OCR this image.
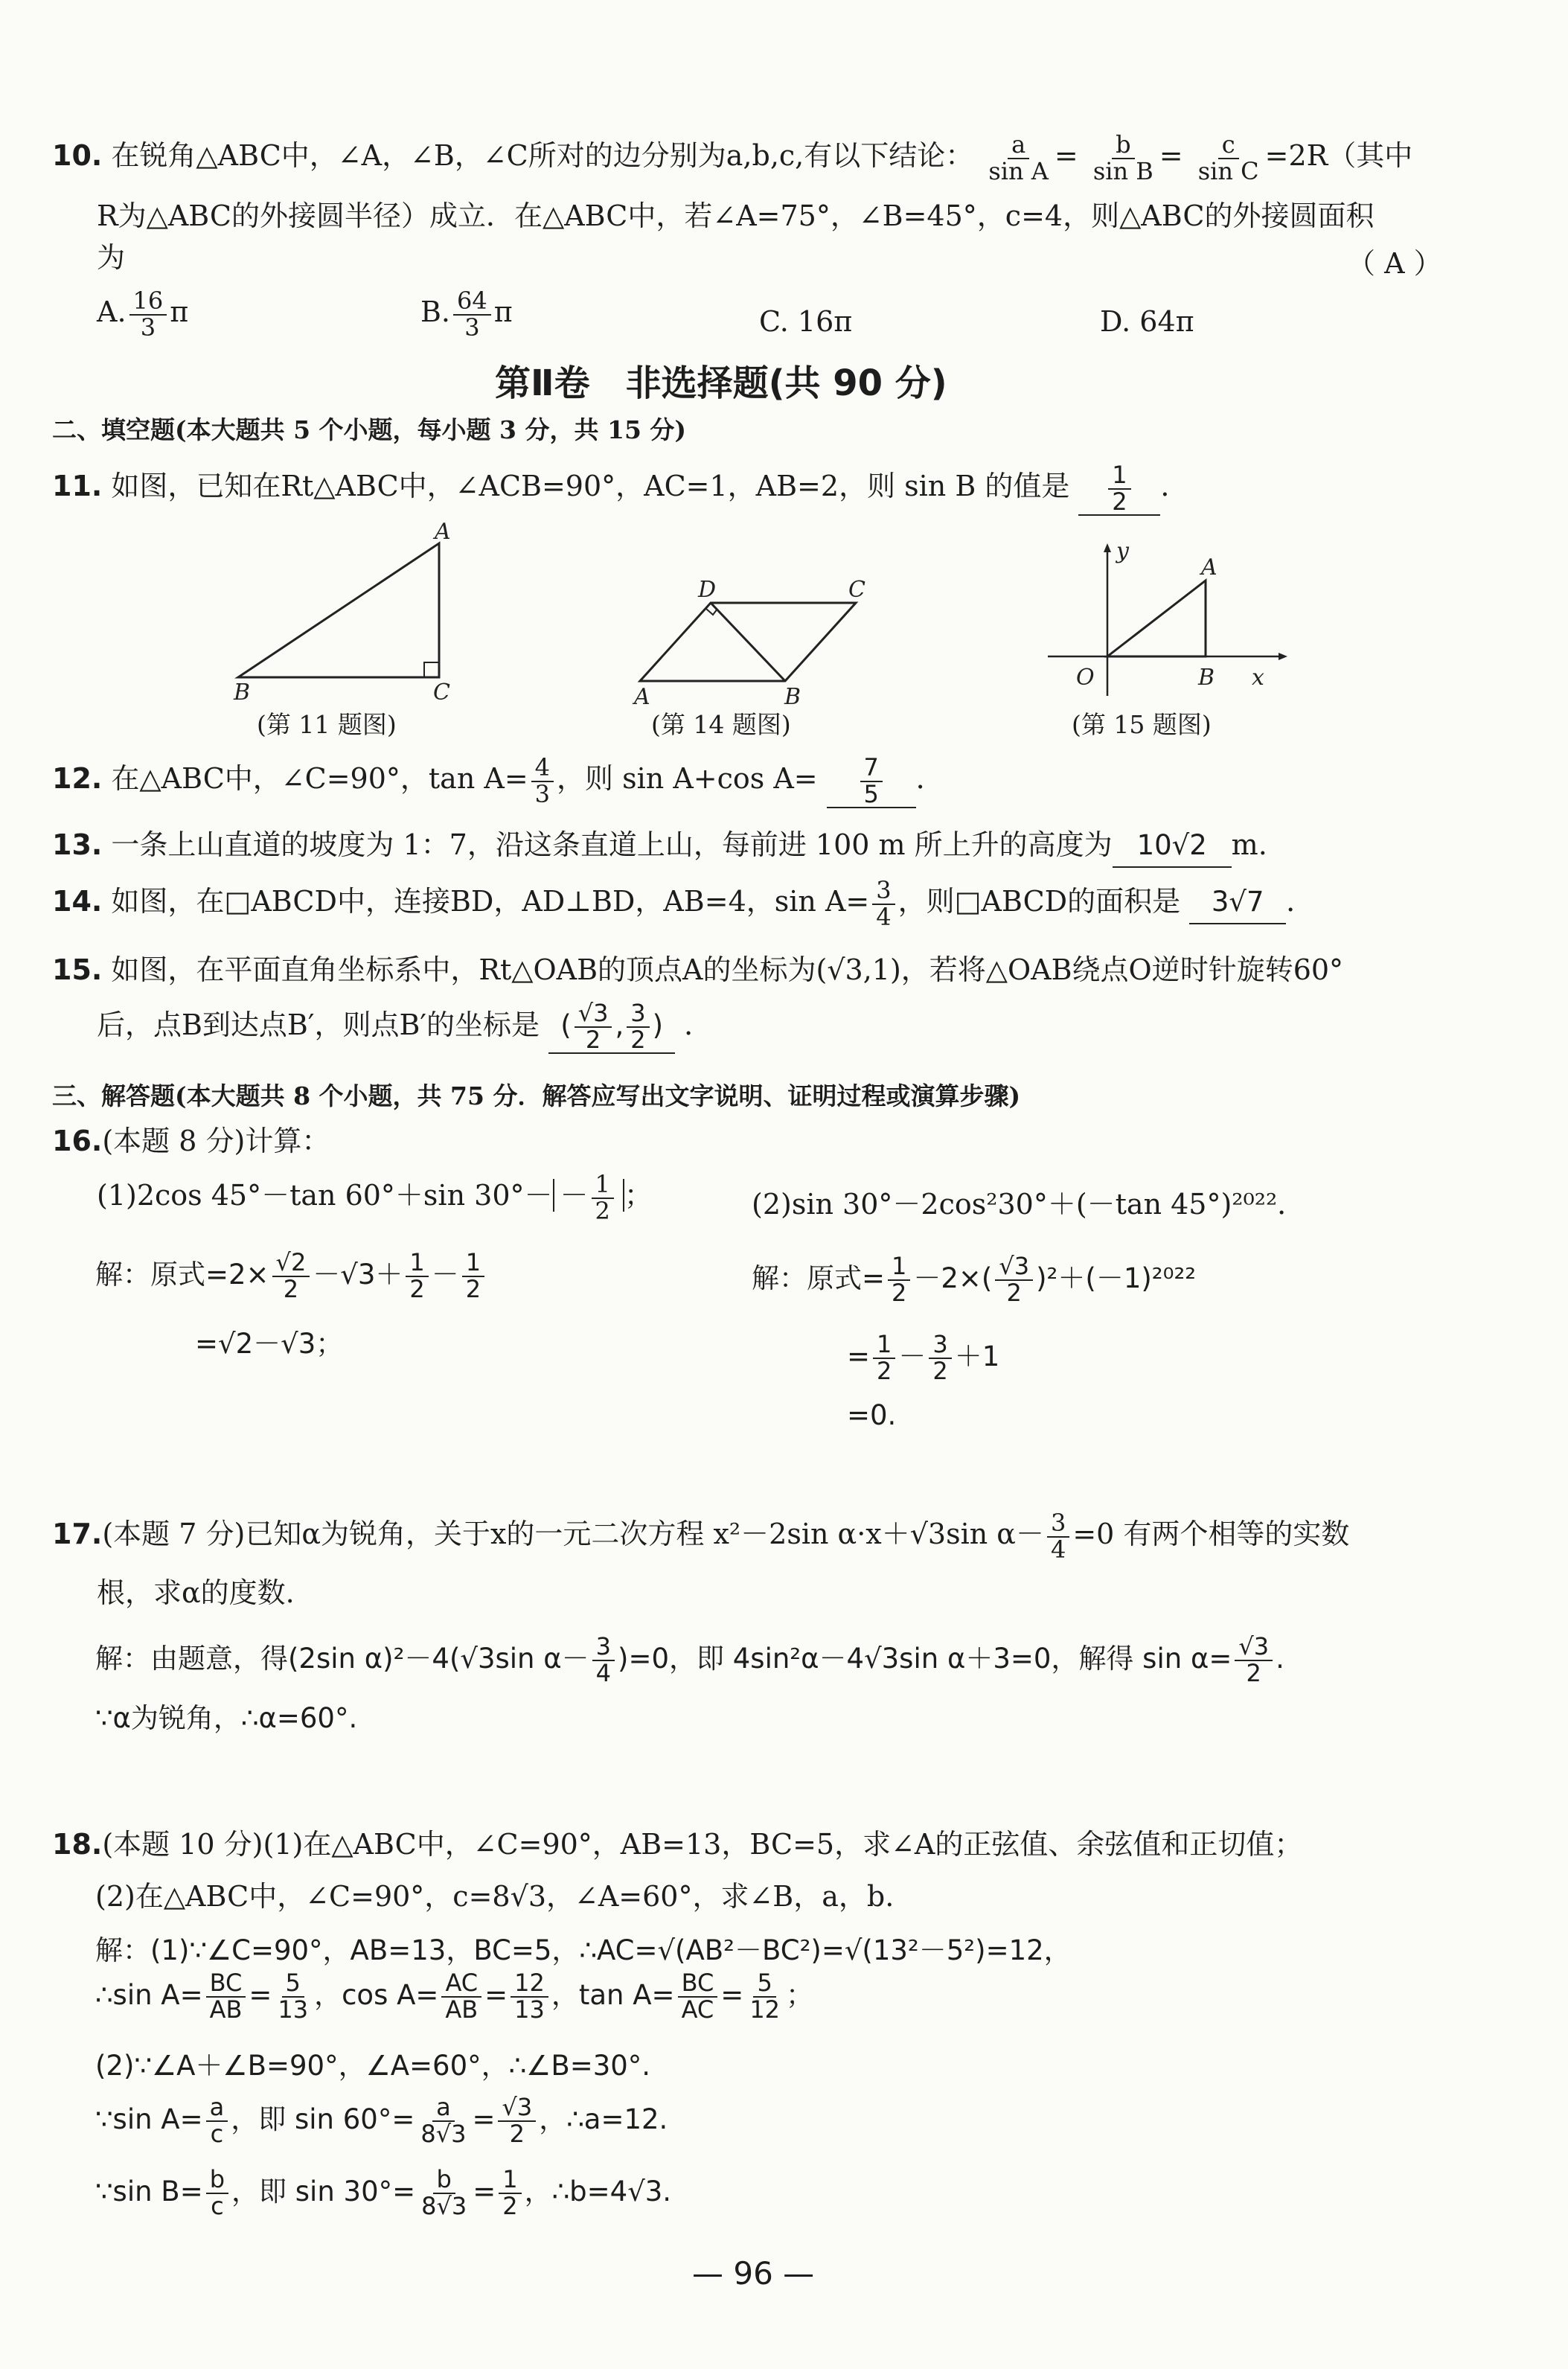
10. 在锐角△ABC中，∠A，∠B，∠C所对的边分别为a,b,c,有以下结论： $\frac{a}{\text{sin A}} = \frac{b}{\text{sin B}} = \frac{c}{\text{sin C}} =2R$（其中
R为△ABC的外接圆半径）成立．在△ABC中，若∠A=75°，∠B=45°，c=4，则△ABC的外接圆面积
为	（ A ）
A. $\frac{16}{3}$ π	B. $\frac{64}{3}$ π	C. 16π	D. 64π
第Ⅱ卷　非选择题(共 90 分)
二、填空题(本大题共 5 个小题，每小题 3 分，共 15 分)
11. 如图，已知在Rt△ABC中，∠ACB=90°，AC=1，AB=2，则 sin B 的值是 $\frac{1}{2}$ ．
A
B	C
(第 11 题图)
D	C
A	B
(第 14 题图)
y
A
O	B x
(第 15 题图)
12. 在△ABC中，∠C=90°，$\tan A= \frac{4}{3}$ ，则 sin A+cos $A= \frac{7}{5}$ ．
13. 一条上山直道的坡度为 1：7，沿这条直道上山，每前进 100 m 所上升的高度为 10√2 m.
14. 如图，在□ABCD中，连接BD，AD⊥BD，AB=4，$\sin A= \frac{3}{4}$ ，则□ABCD的面积是 3√7 ．
15. 如图，在平面直角坐标系中，Rt△OAB的顶点A的坐标为(√3,1)，若将△OAB绕点O逆时针旋转60°
后，点B到达点B′，则点B′的坐标是 ( $\frac{√3}{2}$ , $\frac{3}{2}$ ) ．
三、解答题(本大题共 8 个小题，共 75 分．解答应写出文字说明、证明过程或演算步骤)
16.(本题 8 分)计算：
(1)2cos 45°－tan 60°＋sin $30^\circ- - \frac{1}{2}$ ；	(2)sin 30°－2cos²30°＋(－tan 45°)²⁰²²．
解：原式$=2\times \frac{√2}{2} -√3+ \frac{1}{2} - \frac{1}{2}$
=√2－√3；
解：原式= $\frac{1}{2} -2\times( \frac{√3}{2} )^2+(-1)^{2022}$
= $\frac{1}{2} - \frac{3}{2} +1$
=0.
17.(本题 7 分)已知α为锐角，关于x的一元二次方程 x²－2sin α·x＋√3sin $\alpha- \frac{3}{4} =0$ 有两个相等的实数
根，求α的度数.
解：由题意，得(2sin α)²－4(√3sin $\alpha- \frac{3}{4} )=0$，即 4sin²α－4√3sin α＋3=0，解得 $\sin \alpha= \frac{√3}{2}$ .
∵α为锐角，∴α=60°.
18.(本题 10 分)(1)在△ABC中，∠C=90°，AB=13，BC=5，求∠A的正弦值、余弦值和正切值；
(2)在△ABC中，∠C=90°，c=8√3，∠A=60°，求∠B，a，b.
解：(1)∵∠C=90°，AB=13，BC=5，∴AC=√(AB²－BC²)=√(13²－5²)=12，
∴sin $A= \frac{BC}{AB} = \frac{5}{13}$ ，$\cos A= \frac{AC}{AB} = \frac{12}{13}$ ，$\tan A= \frac{BC}{AC} = \frac{5}{12}$ ；
(2)∵∠A＋∠B=90°，∠A=60°，∴∠B=30°.
∵sin $A= \frac{a}{c}$ ，即 $\sin 60^\circ= \frac{a}{8√3} = \frac{√3}{2}$ ，∴a=12.
∵sin $B= \frac{b}{c}$ ，即 $\sin 30^\circ= \frac{b}{8√3} = \frac{1}{2}$ ，∴b=4√3.
— 96 —
